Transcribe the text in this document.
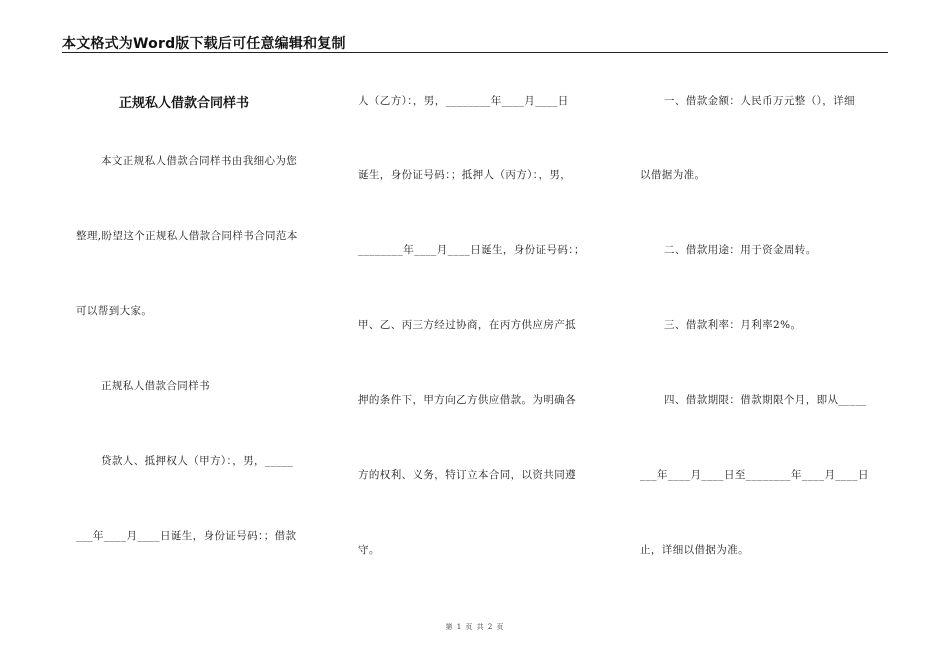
本文格式为Word版下载后可任意编辑和复制
正规私人借款合同样书
本文正规私人借款合同样书由我细心为您
整理,盼望这个正规私人借款合同样书合同范本
可以帮到大家。
正规私人借款合同样书
贷款人、抵押权人（甲方）：，男，_____
___年____月____日诞生，身份证号码：；借款
人（乙方）：，男，________年____月____日
诞生，身份证号码：；抵押人（丙方）：，男，
________年____月____日诞生，身份证号码：；
甲、乙、丙三方经过协商，在丙方供应房产抵
押的条件下，甲方向乙方供应借款。为明确各
方的权利、义务，特订立本合同，以资共同遵
守。
一、借款金额：人民币万元整（），详细
以借据为准。
二、借款用途：用于资金周转。
三、借款利率：月利率2%。
四、借款期限：借款期限个月，即从_____
___年____月____日至________年____月____日
止，详细以借据为准。
第 1 页 共 2 页
